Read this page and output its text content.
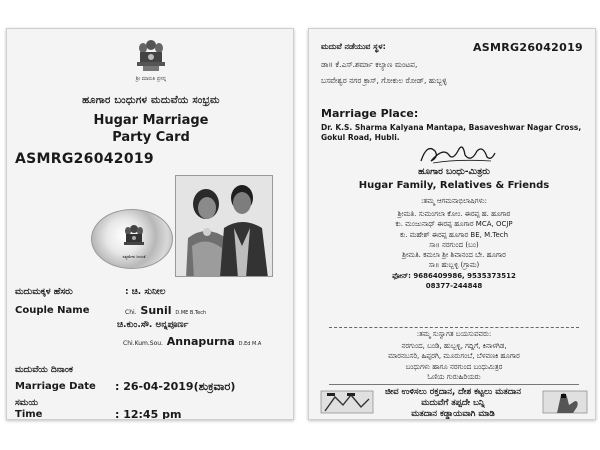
ಶ್ರೀ ಮಾರುತಿ ಪ್ರಸನ್ನ
ಹೂಗಾರ ಬಂಧುಗಳ ಮದುವೆಯ ಸಂಭ್ರಮ
Hugar Marriage
Party Card
ASMRG26042019
ಸತ್ಯಮೇವ ಜಯತೆ
ಮದುಮಕ್ಕಳ ಹೆಸರು	: ಚಿ. ಸುನೀಲ
Couple Name	Chi. Sunil D.ME B.Tech
ಚಿ.ಕುಂ.ಸೌ. ಅನ್ನಪೂರ್ಣ
Chi.Kum.Sou. Annapurna D.Ed M.A
ಮದುವೆಯ ದಿನಾಂಕ
Marriage Date : 26-04-2019(ಶುಕ್ರವಾರ)
ಸಮಯ
Time	: 12:45 pm
ASMRG26042019
ಮದುವೆ ನಡೆಯುವ ಸ್ಥಳ:
ಡಾ॥ ಕೆ.ಎಸ್.ಶರ್ಮಾ ಕಲ್ಯಾಣ ಮಂಟಪ,
ಬಸವೇಶ್ವರ ನಗರ ಕ್ರಾಸ್, ಗೋಕುಲ ರೋಡ್, ಹುಬ್ಬಳ್ಳಿ
Marriage Place:
Dr. K.S. Sharma Kalyana Mantapa, Basaveshwar Nagar Cross, Gokul Road, Hubli.
ಹೂಗಾರ ಬಂಧು-ಮಿತ್ರರು
Hugar Family, Relatives & Friends
:ತಮ್ಮ ಆಗಮನಾಭಿಲಾಷಿಗಳು:
ಶ್ರೀಮತಿ. ಸುಮಂಗಲಾ ಕೋಂ. ಈರಪ್ಪ ಹ. ಹೂಗಾರ
ಕು. ಮಂಜುನಾಥ್ ಈರಪ್ಪ ಹೂಗಾರ MCA, OCJP
ಕು. ಮಹೇಶ್ ಈರಪ್ಪ ಹೂಗಾರ BE, M.Tech
ಸಾ॥ ನರಗುಂದ (ಬಂ)
ಶ್ರೀಮತಿ. ಕಮಲಾ ಶ್ರೀ ಶಿವಾನಂದ ಬೇ. ಹೂಗಾರ
ಸಾ॥ ಹುಬ್ಬಳ್ಳಿ (ಗ್ರಾಮ)
ಫೋನ್: 9686409986, 9535373512
08377-244848
:ತಮ್ಮ ಸುಸ್ವಾಗತ ಬಯಸುವವರು:
ನರಗುಂದ, ಬಂಡಿ, ಹುಬ್ಬಳ್ಳಿ, ಗದ್ದಿಗೆ, ಕಿನಾಳಗಿಡ,
ಮಾರನಬಸರಿ, ಹಿಪ್ಪರಗಿ, ಮೂರುಗಂಬೆ, ಬೆಳವಣಕಿ ಹೂಗಾರ
ಬಂಧುಗಳು ಹಾಗೂ ನರಗುಂದ ಬಂಧುಮಿತ್ರರ
ಓಣಿಯ ಗುರುಹಿರಿಯರು
ಜೀವ ಉಳಿಸಲು ರಕ್ತದಾನ, ದೇಶ ಕಟ್ಟಲು ಮತದಾನ
ಮದುವೆಗೆ ತಪ್ಪದೇ ಬನ್ನಿ
ಮತದಾನ ಕಡ್ಡಾಯವಾಗಿ ಮಾಡಿ
